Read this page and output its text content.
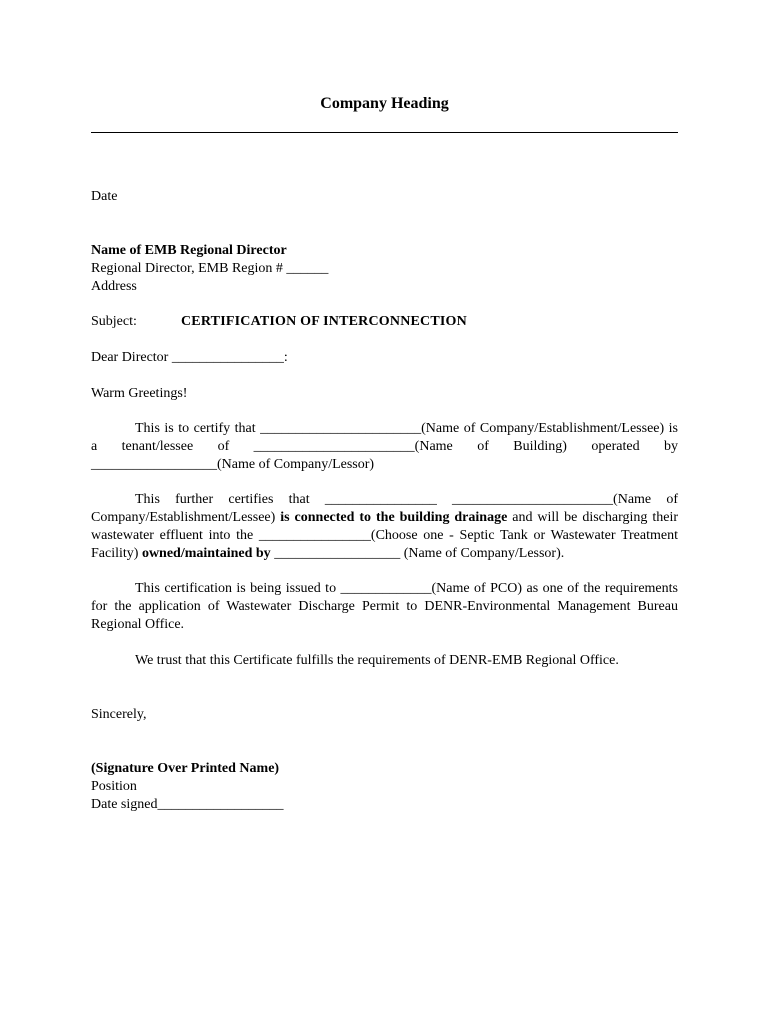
Company Heading
Date
Name of EMB Regional Director
Regional Director, EMB Region # ______
Address
Subject:	CERTIFICATION OF INTERCONNECTION
Dear Director ________________:
Warm Greetings!
This is to certify that _______________________(Name of Company/Establishment/Lessee) is a tenant/lessee of _______________________(Name of Building) operated by __________________(Name of Company/Lessor)
This further certifies that ________________ _______________________(Name of Company/Establishment/Lessee) is connected to the building drainage and will be discharging their wastewater effluent into the ________________(Choose one - Septic Tank or Wastewater Treatment Facility) owned/maintained by __________________ (Name of Company/Lessor).
This certification is being issued to _____________(Name of PCO) as one of the requirements for the application of Wastewater Discharge Permit to DENR-Environmental Management Bureau Regional Office.
We trust that this Certificate fulfills the requirements of DENR-EMB Regional Office.
Sincerely,
(Signature Over Printed Name)
Position
Date signed__________________
